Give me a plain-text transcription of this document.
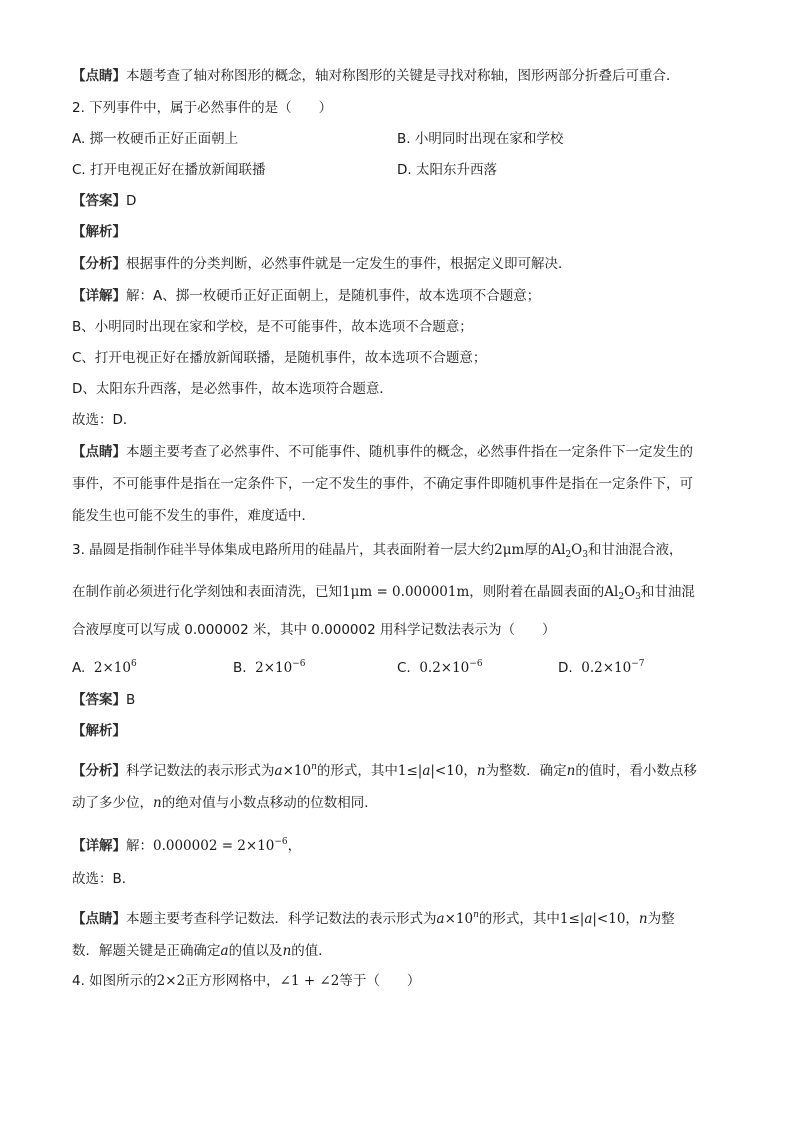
【点睛】本题考查了轴对称图形的概念，轴对称图形的关键是寻找对称轴，图形两部分折叠后可重合．
2. 下列事件中，属于必然事件的是（　　）
A. 掷一枚硬币正好正面朝上	B. 小明同时出现在家和学校
C. 打开电视正好在播放新闻联播	D. 太阳东升西落
【答案】D
【解析】
【分析】根据事件的分类判断，必然事件就是一定发生的事件，根据定义即可解决．
【详解】解：A、掷一枚硬币正好正面朝上，是随机事件，故本选项不合题意；
B、小明同时出现在家和学校，是不可能事件，故本选项不合题意；
C、打开电视正好在播放新闻联播，是随机事件，故本选项不合题意；
D、太阳东升西落，是必然事件，故本选项符合题意．
故选：D．
【点睛】本题主要考查了必然事件、不可能事件、随机事件的概念，必然事件指在一定条件下一定发生的
事件，不可能事件是指在一定条件下，一定不发生的事件，不确定事件即随机事件是指在一定条件下，可
能发生也可能不发生的事件，难度适中．
3. 晶圆是指制作硅半导体集成电路所用的硅晶片，其表面附着一层大约2μm厚的$Al_2O_3$和甘油混合液，
在制作前必须进行化学刻蚀和表面清洗，已知1μm = 0.000001m，则附着在晶圆表面的$Al_2O_3$和甘油混
合液厚度可以写成 0.000002 米，其中 0.000002 用科学记数法表示为（　　）
A. $2\times 10^6$	B. $2\times 10^{-6}$	C. $0.2\times 10^{-6}$	D. $0.2\times 10^{-7}$
【答案】B
【解析】
【分析】科学记数法的表示形式为$a\times 10^n$的形式，其中1≤|a|<10，n为整数．确定n的值时，看小数点移
动了多少位，n的绝对值与小数点移动的位数相同．
【详解】解：$0.000002 = 2\times 10^{-6}$，
故选：B．
【点睛】本题主要考查科学记数法．科学记数法的表示形式为$a\times 10^n$的形式，其中1≤|a|<10，n为整
数．解题关键是正确确定a的值以及n的值．
4. 如图所示的2×2正方形网格中，∠1 + ∠2等于（　　）
